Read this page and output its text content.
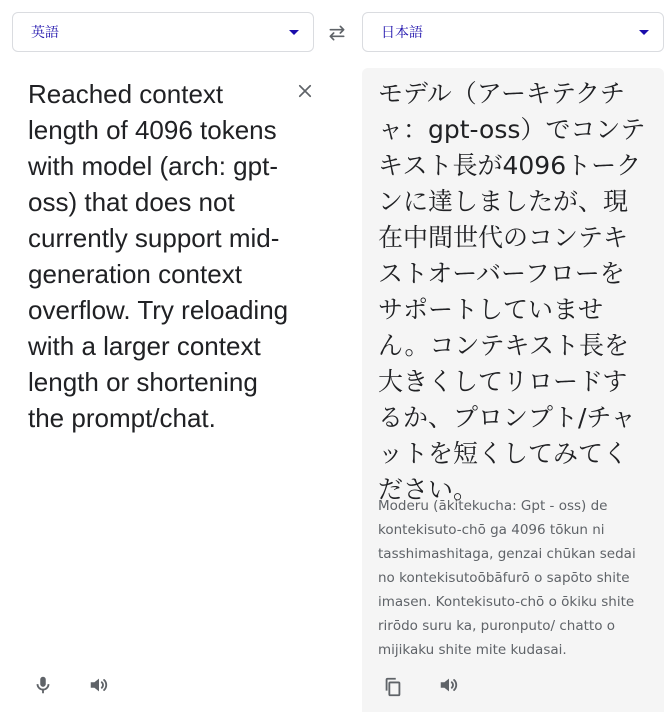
英語	日本語

Reached context length of 4096 tokens with model (arch: gpt-oss) that does not currently support mid-generation context overflow. Try reloading with a larger context length or shortening the prompt/chat.

モデル（アーキテクチャ：gpt-oss）でコンテキスト長が4096トークンに達しましたが、現在中間世代のコンテキストオーバーフローをサポートしていません。コンテキスト長を大きくしてリロードするか、プロンプト/チャットを短くしてみてください。

Moderu (ākitekucha: Gpt - oss) de kontekisuto-chō ga 4096 tōkun ni tasshimashitaga, genzai chūkan sedai no kontekisutoōbāfurō o sapōto shite imasen. Kontekisuto-chō o ōkiku shite rirōdo suru ka, puronputo/ chatto o mijikaku shite mite kudasai.
